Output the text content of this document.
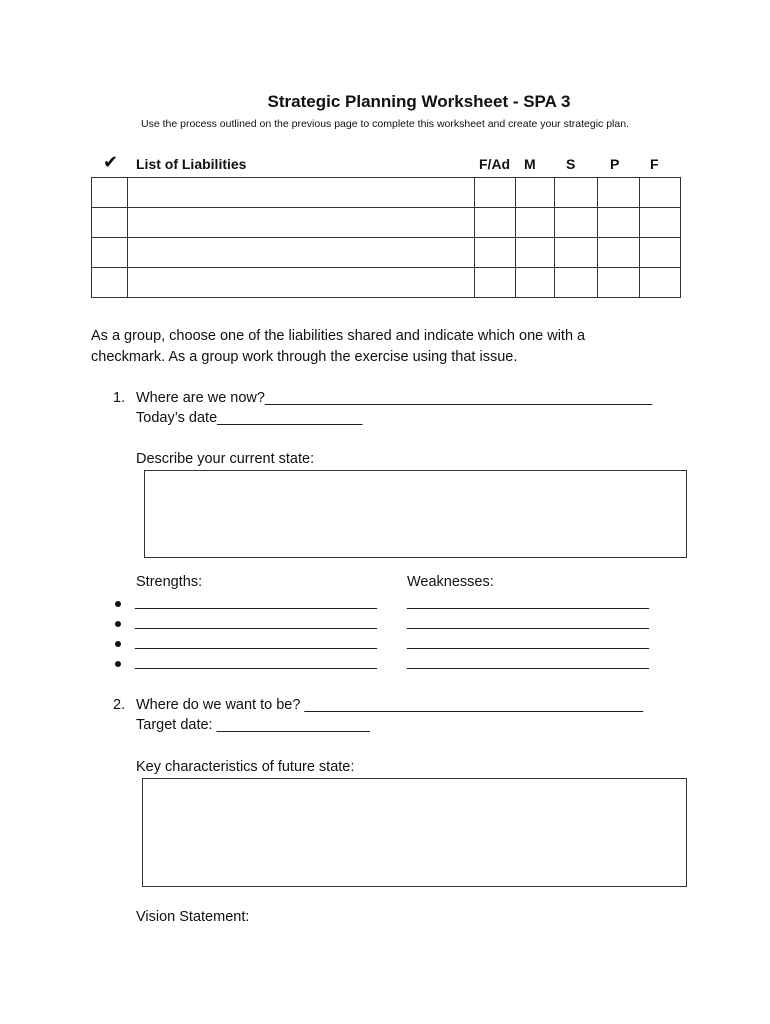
Strategic Planning Worksheet - SPA 3
Use the process outlined on the previous page to complete this worksheet and create your strategic plan.
✔ List of Liabilities	F/Ad M S P F

As a group, choose one of the liabilities shared and indicate which one with a checkmark. As a group work through the exercise using that issue.
1. Where are we now?________________________________________________
Today’s date__________________
Describe your current state:
Strengths:	Weaknesses:
______________________________ ______________________________
______________________________ ______________________________
______________________________ ______________________________
______________________________ ______________________________
2. Where do we want to be? __________________________________________
Target date: ___________________
Key characteristics of future state:
Vision Statement:
